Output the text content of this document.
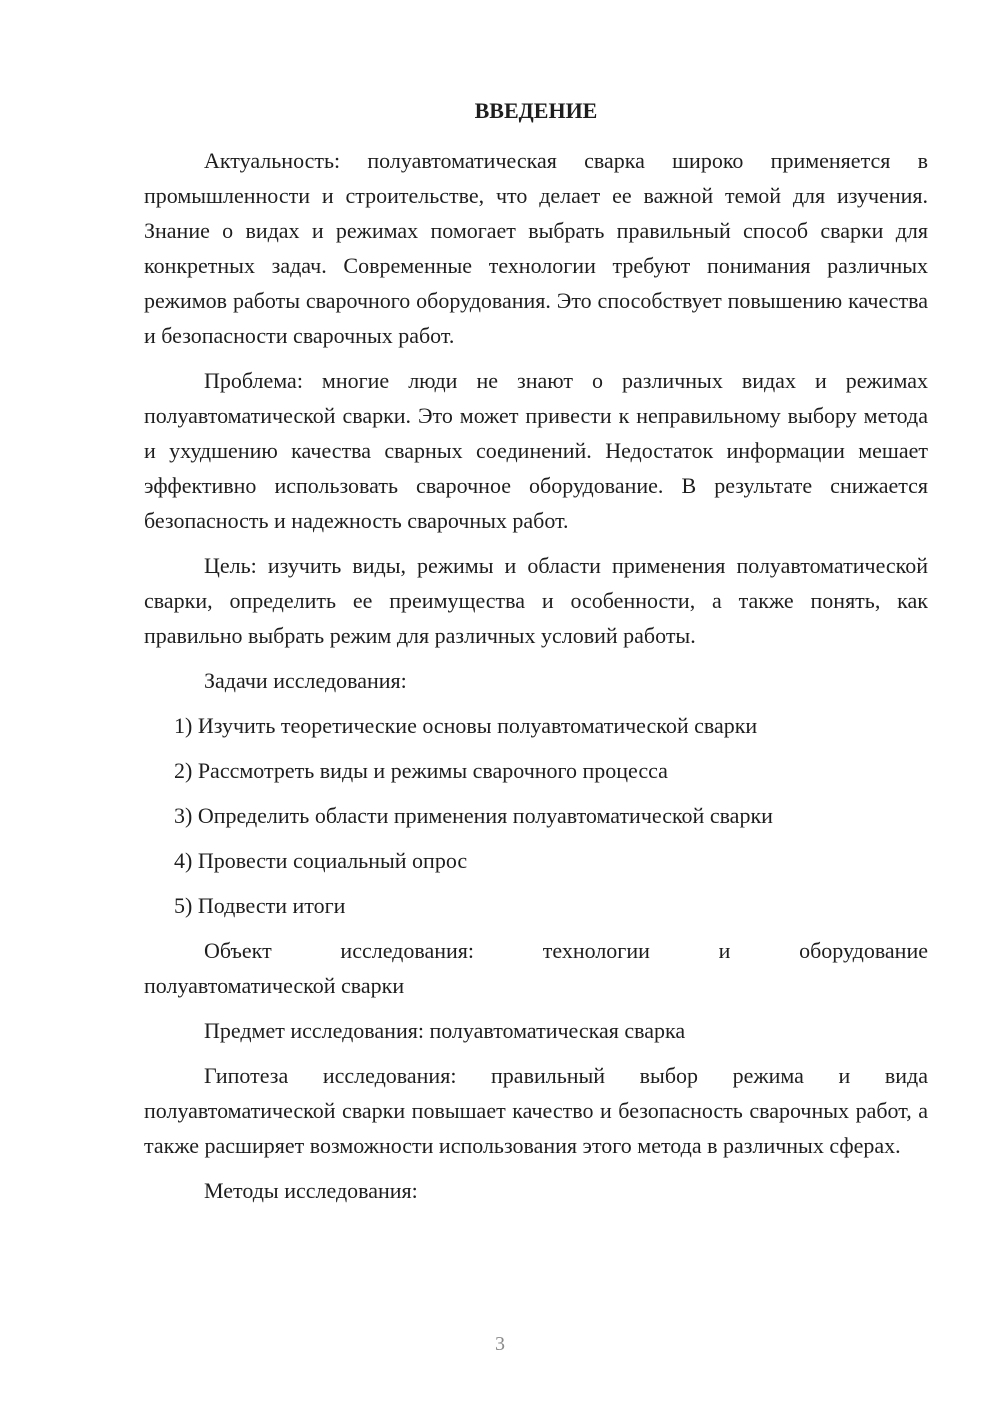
ВВЕДЕНИЕ

Актуальность: полуавтоматическая сварка широко применяется в промышленности и строительстве, что делает ее важной темой для изучения. Знание о видах и режимах помогает выбрать правильный способ сварки для конкретных задач. Современные технологии требуют понимания различных режимов работы сварочного оборудования. Это способствует повышению качества и безопасности сварочных работ.

Проблема: многие люди не знают о различных видах и режимах полуавтоматической сварки. Это может привести к неправильному выбору метода и ухудшению качества сварных соединений. Недостаток информации мешает эффективно использовать сварочное оборудование. В результате снижается безопасность и надежность сварочных работ.

Цель: изучить виды, режимы и области применения полуавтоматической сварки, определить ее преимущества и особенности, а также понять, как правильно выбрать режим для различных условий работы.

Задачи исследования:

1) Изучить теоретические основы полуавтоматической сварки

2) Рассмотреть виды и режимы сварочного процесса

3) Определить области применения полуавтоматической сварки

4) Провести социальный опрос

5) Подвести итоги

Объект исследования: технологии и оборудование

полуавтоматической сварки

Предмет исследования: полуавтоматическая сварка

Гипотеза исследования: правильный выбор режима и вида полуавтоматической сварки повышает качество и безопасность сварочных работ, а также расширяет возможности использования этого метода в различных сферах.

Методы исследования:

3
